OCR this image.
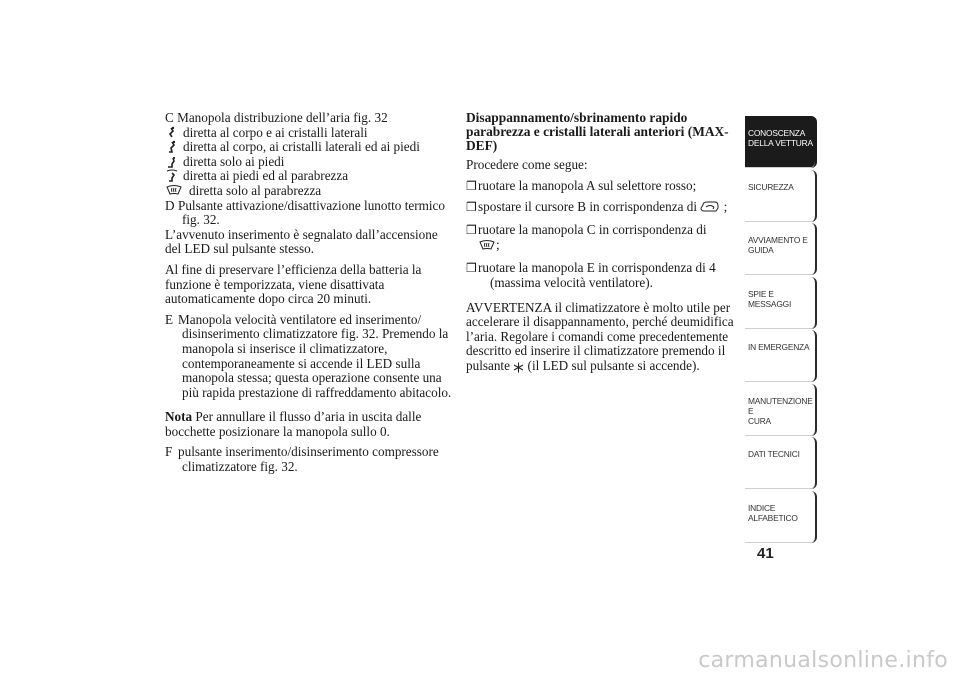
C Manopola distribuzione dell’aria fig. 32

diretta al corpo e ai cristalli laterali
diretta al corpo, ai cristalli laterali ed ai piedi
diretta solo ai piedi
diretta ai piedi ed al parabrezza
diretta solo al parabrezza

D Pulsante attivazione/disattivazione lunotto termico fig. 32.

L’avvenuto inserimento è segnalato dall’accensione del LED sul pulsante stesso.

Al fine di preservare l’efficienza della batteria la funzione è temporizzata, viene disattivata automaticamente dopo circa 20 minuti.

E Manopola velocità ventilatore ed inserimento/ disinserimento climatizzatore fig. 32. Premendo la manopola si inserisce il climatizzatore, contemporaneamente si accende il LED sulla manopola stessa; questa operazione consente una più rapida prestazione di raffreddamento abitacolo.

Nota Per annullare il flusso d’aria in uscita dalle bocchette posizionare la manopola sullo 0.

F pulsante inserimento/disinserimento compressore climatizzatore fig. 32.

Disappannamento/sbrinamento rapido parabrezza e cristalli laterali anteriori (MAX-DEF)

Procedere come segue:

❒ ruotare la manopola A sul selettore rosso;
❒ spostare il cursore B in corrispondenza di ;
❒ ruotare la manopola C in corrispondenza di
;
❒ ruotare la manopola E in corrispondenza di 4 (massima velocità ventilatore).

AVVERTENZA il climatizzatore è molto utile per accelerare il disappannamento, perché deumidifica l’aria. Regolare i comandi come precedentemente descritto ed inserire il climatizzatore premendo il pulsante (il LED sul pulsante si accende).

CONOSCENZA
DELLA VETTURA
SICUREZZA
AVVIAMENTO E
GUIDA
SPIE E MESSAGGI
IN EMERGENZA
MANUTENZIONE E
CURA
DATI TECNICI
INDICE
ALFABETICO
41
carmanualsonline.info
